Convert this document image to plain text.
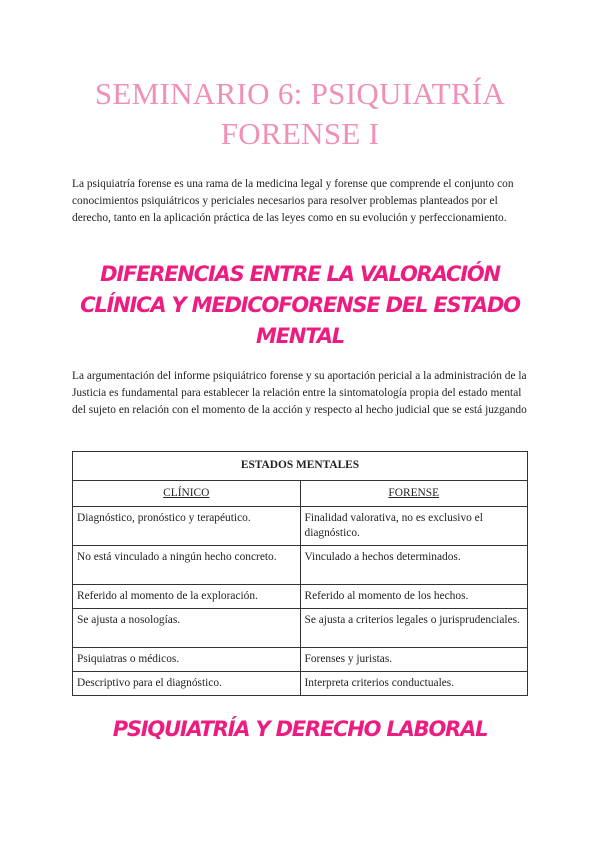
SEMINARIO 6: PSIQUIATRÍA FORENSE I
La psiquiatría forense es una rama de la medicina legal y forense que comprende el conjunto con conocimientos psiquiátricos y periciales necesarios para resolver problemas planteados por el derecho, tanto en la aplicación práctica de las leyes como en su evolución y perfeccionamiento.
DIFERENCIAS ENTRE LA VALORACIÓN CLÍNICA Y MEDICOFORENSE DEL ESTADO MENTAL
La argumentación del informe psiquiátrico forense y su aportación pericial a la administración de la Justicia es fundamental para establecer la relación entre la sintomatología propia del estado mental del sujeto en relación con el momento de la acción y respecto al hecho judicial que se está juzgando
ESTADOS MENTALES	
CLÍNICO	FORENSE
Diagnóstico, pronóstico y terapéutico.	Finalidad valorativa, no es exclusivo el diagnóstico.
No está vinculado a ningún hecho concreto.	Vinculado a hechos determinados.
Referido al momento de la exploración.	Referido al momento de los hechos.
Se ajusta a nosologías.	Se ajusta a criterios legales o jurisprudenciales.
Psiquiatras o médicos.	Forenses y juristas.
Descriptivo para el diagnóstico.	Interpreta criterios conductuales.
PSIQUIATRÍA Y DERECHO LABORAL
